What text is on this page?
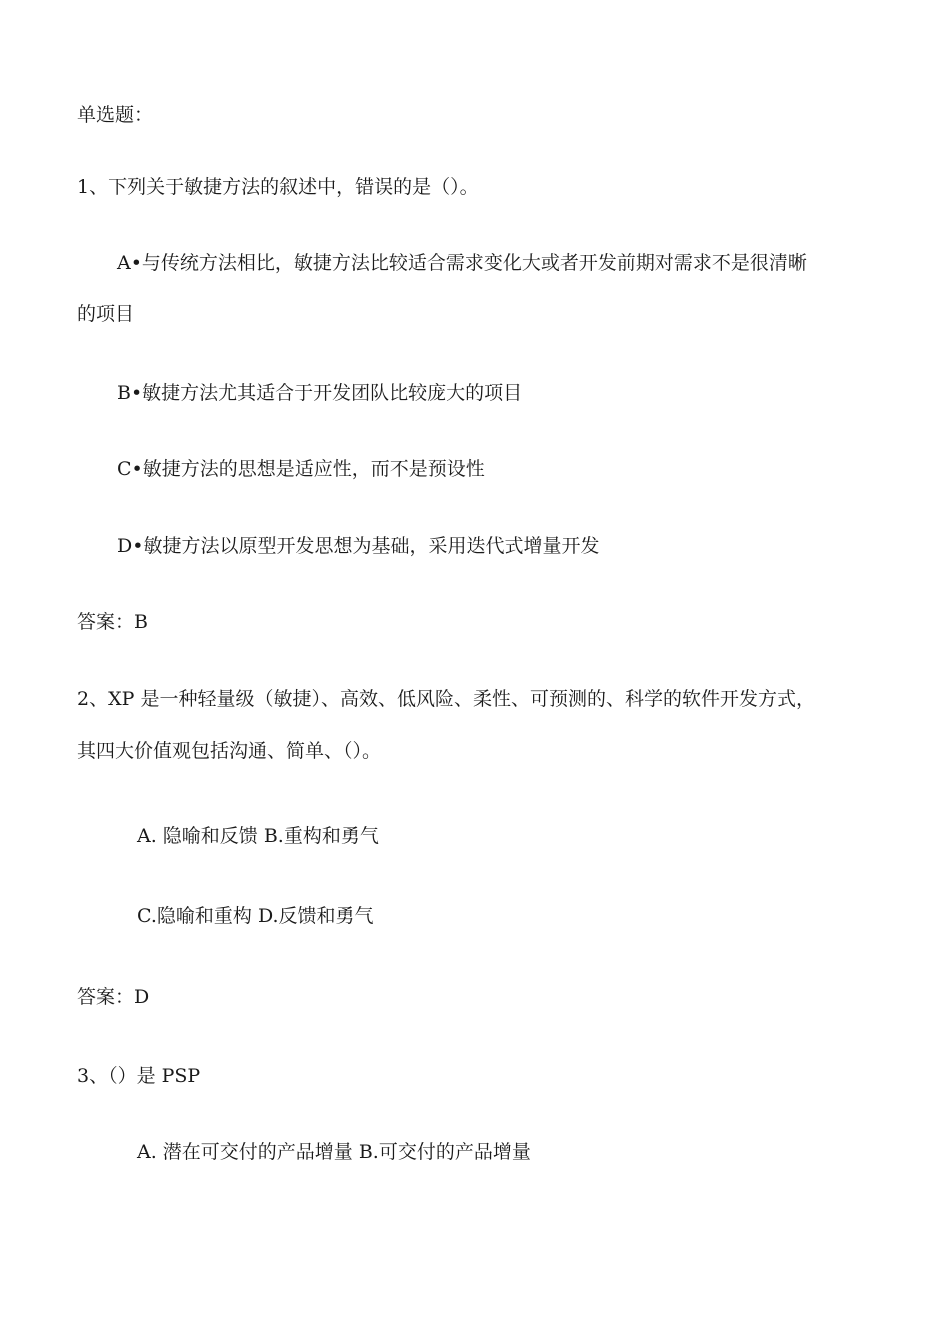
单选题：
1、下列关于敏捷方法的叙述中，错误的是（）。
A•与传统方法相比，敏捷方法比较适合需求变化大或者开发前期对需求不是很清晰
的项目
B•敏捷方法尤其适合于开发团队比较庞大的项目
C•敏捷方法的思想是适应性，而不是预设性
D•敏捷方法以原型开发思想为基础，采用迭代式增量开发
答案：B
2、XP 是一种轻量级（敏捷）、高效、低风险、柔性、可预测的、科学的软件开发方式，
其四大价值观包括沟通、简单、（）。
A. 隐喻和反馈 B.重构和勇气
C.隐喻和重构 D.反馈和勇气
答案：D
3、（）是 PSP
A. 潜在可交付的产品增量 B.可交付的产品增量
